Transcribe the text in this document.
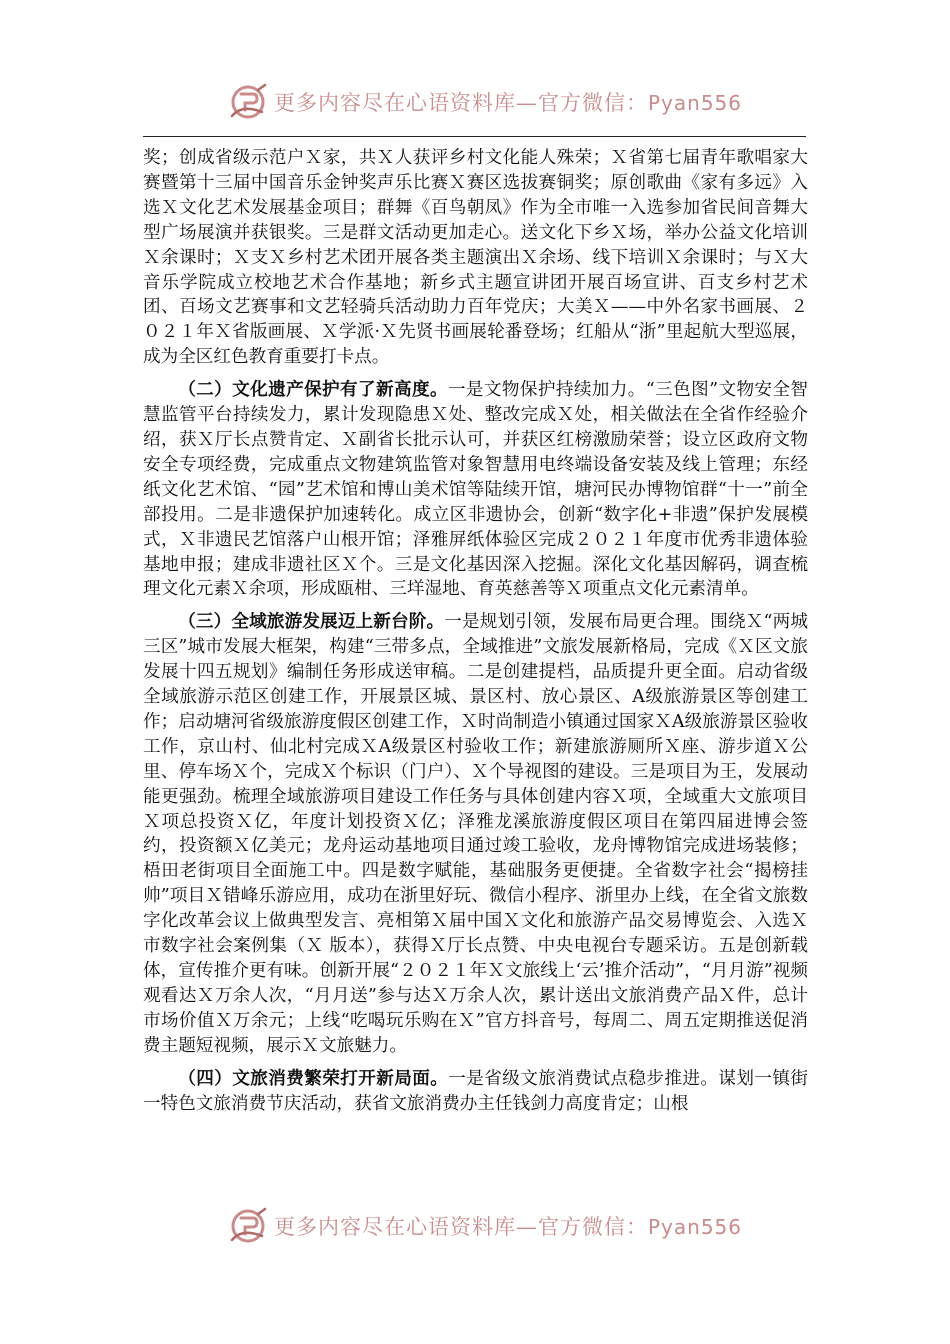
更多内容尽在心语资料库—官方微信：Pyan556

奖；创成省级示范户Ｘ家，共Ｘ人获评乡村文化能人殊荣；Ｘ省第七届青年歌唱家大赛暨第十三届中国音乐金钟奖声乐比赛Ｘ赛区选拔赛铜奖；原创歌曲《家有多远》入选Ｘ文化艺术发展基金项目；群舞《百鸟朝凤》作为全市唯一入选参加省民间音舞大型广场展演并获银奖。三是群文活动更加走心。送文化下乡Ｘ场，举办公益文化培训Ｘ余课时；Ｘ支Ｘ乡村艺术团开展各类主题演出Ｘ余场、线下培训Ｘ余课时；与Ｘ大音乐学院成立校地艺术合作基地；新乡式主题宣讲团开展百场宣讲、百支乡村艺术团、百场文艺赛事和文艺轻骑兵活动助力百年党庆；大美Ｘ——中外名家书画展、２０２１年Ｘ省版画展、Ｘ学派·Ｘ先贤书画展轮番登场；红船从“浙”里起航大型巡展，成为全区红色教育重要打卡点。

（二）文化遗产保护有了新高度。一是文物保护持续加力。“三色图”文物安全智慧监管平台持续发力，累计发现隐患Ｘ处、整改完成Ｘ处，相关做法在全省作经验介绍，获Ｘ厅长点赞肯定、Ｘ副省长批示认可，并获区红榜激励荣誉；设立区政府文物安全专项经费，完成重点文物建筑监管对象智慧用电终端设备安装及线上管理；东经纸文化艺术馆、“园”艺术馆和博山美术馆等陆续开馆，塘河民办博物馆群“十一”前全部投用。二是非遗保护加速转化。成立区非遗协会，创新“数字化+非遗”保护发展模式，Ｘ非遗民艺馆落户山根开馆；泽雅屏纸体验区完成２０２１年度市优秀非遗体验基地申报；建成非遗社区Ｘ个。三是文化基因深入挖掘。深化文化基因解码，调查梳理文化元素Ｘ余项，形成瓯柑、三垟湿地、育英慈善等Ｘ项重点文化元素清单。

（三）全域旅游发展迈上新台阶。一是规划引领，发展布局更合理。围绕Ｘ“两城三区”城市发展大框架，构建“三带多点，全域推进”文旅发展新格局，完成《Ｘ区文旅发展十四五规划》编制任务形成送审稿。二是创建提档，品质提升更全面。启动省级全域旅游示范区创建工作，开展景区城、景区村、放心景区、A级旅游景区等创建工作；启动塘河省级旅游度假区创建工作，Ｘ时尚制造小镇通过国家ＸA级旅游景区验收工作，京山村、仙北村完成ＸA级景区村验收工作；新建旅游厕所Ｘ座、游步道Ｘ公里、停车场Ｘ个，完成Ｘ个标识（门户）、Ｘ个导视图的建设。三是项目为王，发展动能更强劲。梳理全域旅游项目建设工作任务与具体创建内容Ｘ项，全域重大文旅项目Ｘ项总投资Ｘ亿，年度计划投资Ｘ亿；泽雅龙溪旅游度假区项目在第四届进博会签约，投资额Ｘ亿美元；龙舟运动基地项目通过竣工验收，龙舟博物馆完成进场装修；梧田老街项目全面施工中。四是数字赋能，基础服务更便捷。全省数字社会“揭榜挂帅”项目Ｘ错峰乐游应用，成功在浙里好玩、微信小程序、浙里办上线，在全省文旅数字化改革会议上做典型发言、亮相第Ｘ届中国Ｘ文化和旅游产品交易博览会、入选Ｘ市数字社会案例集（Ｘ 版本），获得Ｘ厅长点赞、中央电视台专题采访。五是创新载体，宣传推介更有味。创新开展“２０２１年Ｘ文旅线上‘云’推介活动”，“月月游”视频观看达Ｘ万余人次，“月月送”参与达Ｘ万余人次，累计送出文旅消费产品Ｘ件，总计市场价值Ｘ万余元；上线“吃喝玩乐购在Ｘ”官方抖音号，每周二、周五定期推送促消费主题短视频，展示Ｘ文旅魅力。

（四）文旅消费繁荣打开新局面。一是省级文旅消费试点稳步推进。谋划一镇街一特色文旅消费节庆活动，获省文旅消费办主任钱剑力高度肯定；山根

更多内容尽在心语资料库—官方微信：Pyan556
